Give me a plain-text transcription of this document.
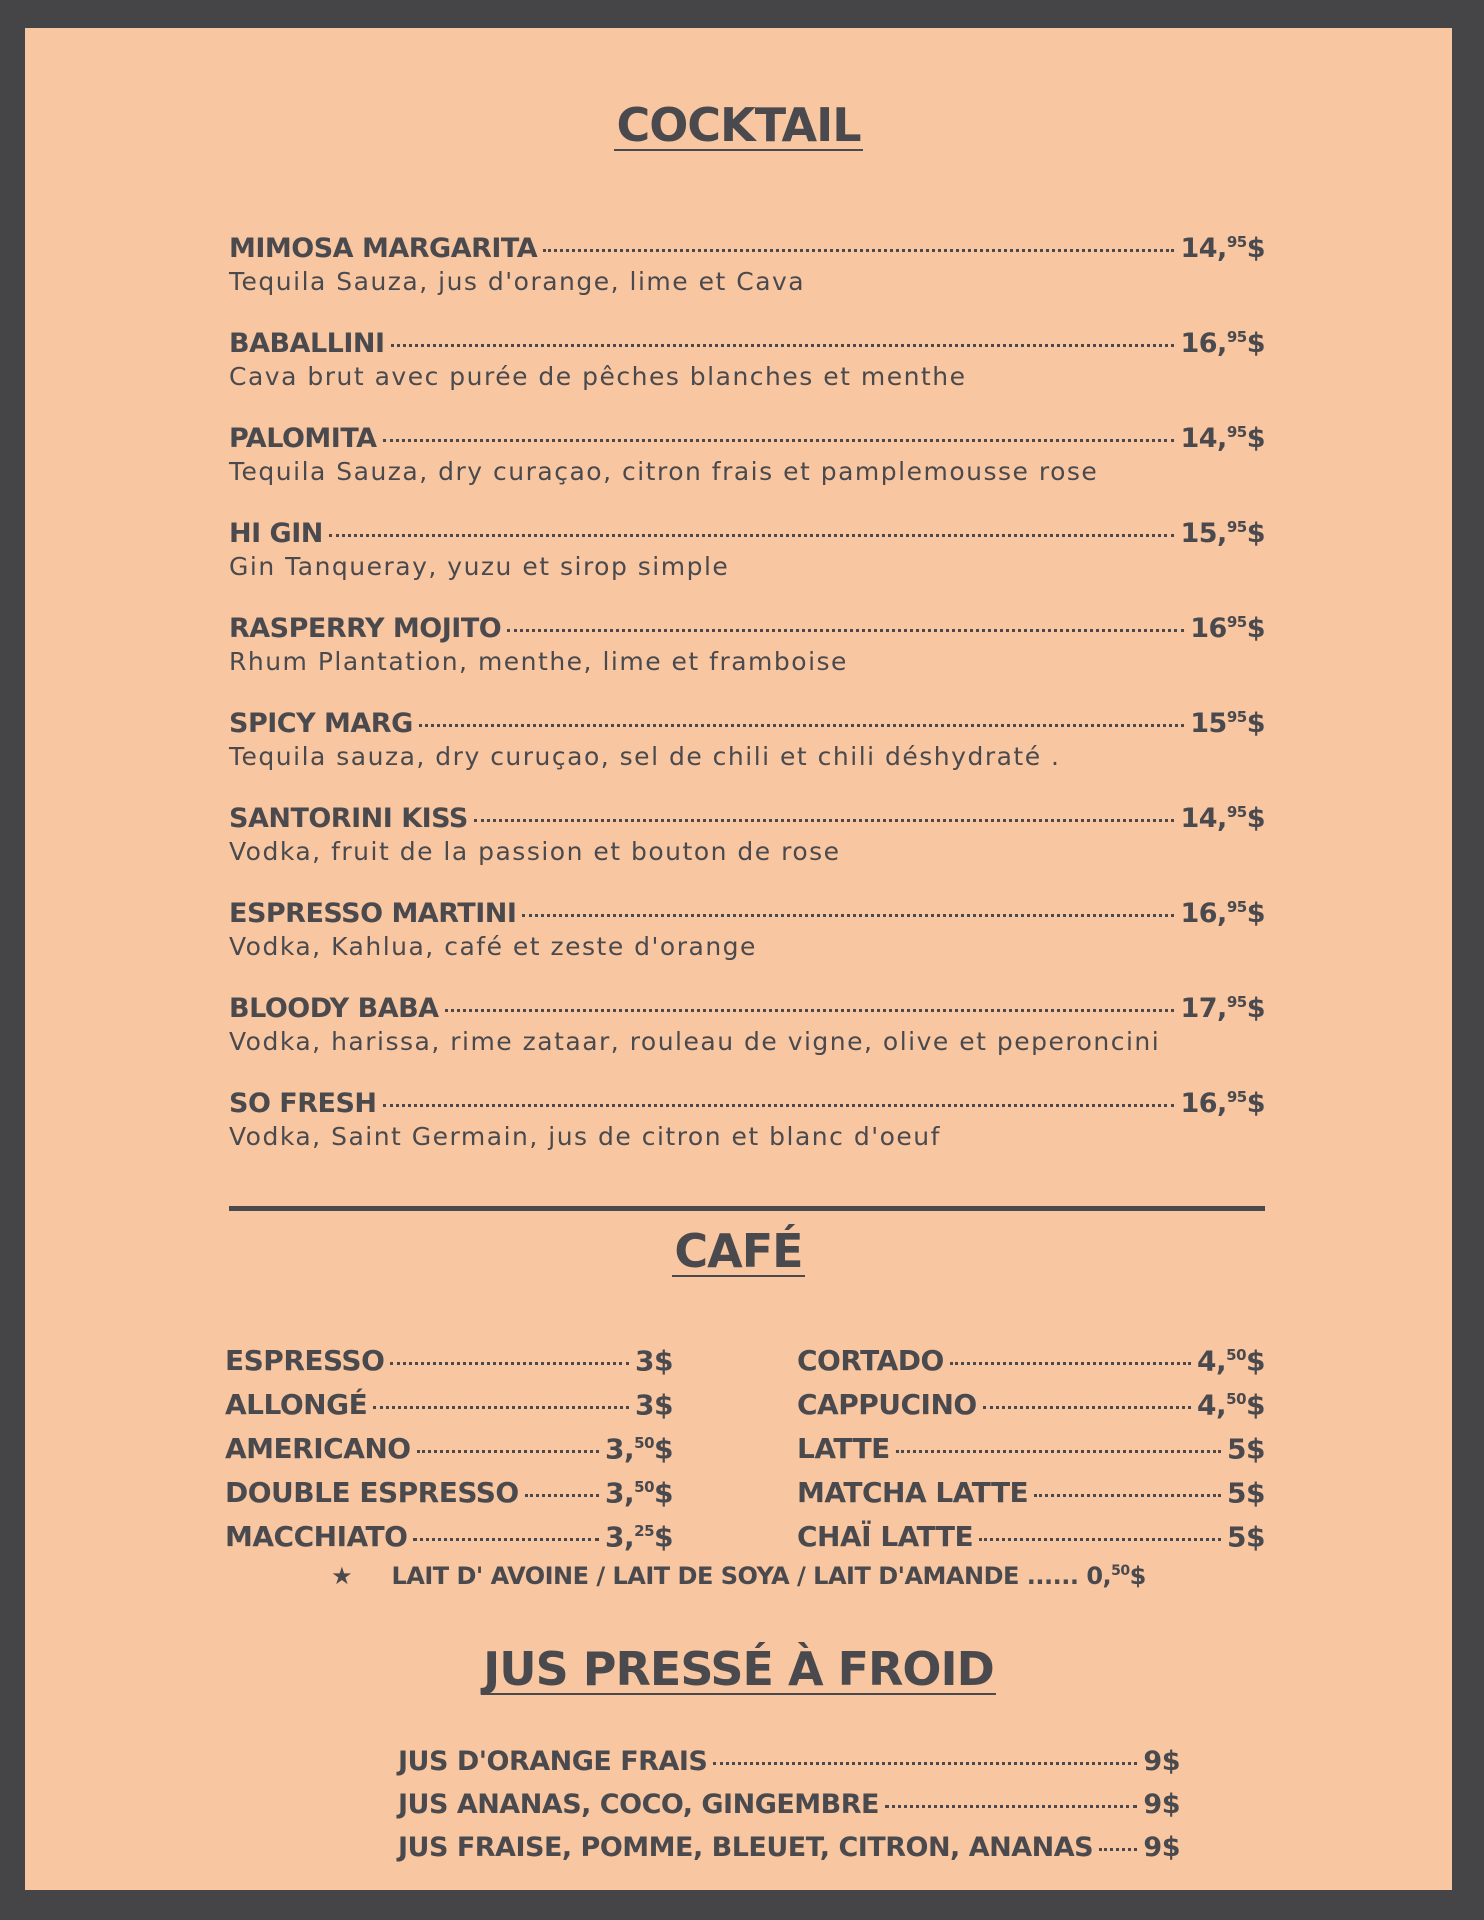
COCKTAIL
MIMOSA MARGARITA	14,95$
Tequila Sauza, jus d'orange, lime et Cava
BABALLINI	16,95$
Cava brut avec purée de pêches blanches et menthe
PALOMITA	14,95$
Tequila Sauza, dry curaçao, citron frais et pamplemousse rose
HI GIN	15,95$
Gin Tanqueray, yuzu et sirop simple
RASPERRY MOJITO	$16^{95}\$$
Rhum Plantation, menthe, lime et framboise
SPICY MARG	$15^{95}\$$
Tequila sauza, dry curuçao, sel de chili et chili déshydraté .
SANTORINI KISS	14,95$
Vodka, fruit de la passion et bouton de rose
ESPRESSO MARTINI	16,95$
Vodka, Kahlua, café et zeste d'orange
BLOODY BABA	17,95$
Vodka, harissa, rime zataar, rouleau de vigne, olive et peperoncini
SO FRESH	16,95$
Vodka, Saint Germain, jus de citron et blanc d'oeuf
CAFÉ
ESPRESSO	3$
ALLONGÉ	3$
AMERICANO	3,50$
DOUBLE ESPRESSO	3,50$
MACCHIATO	3,25$
CORTADO	4,50$
CAPPUCINO	4,50$
LATTE	5$
MATCHA LATTE	5$
CHAÏ LATTE	5$
★ LAIT D' AVOINE / LAIT DE SOYA / LAIT D'AMANDE ...... 0,50$
JUS PRESSÉ À FROID
JUS D'ORANGE FRAIS	9$
JUS ANANAS, COCO, GINGEMBRE	9$
JUS FRAISE, POMME, BLEUET, CITRON, ANANAS 9$
